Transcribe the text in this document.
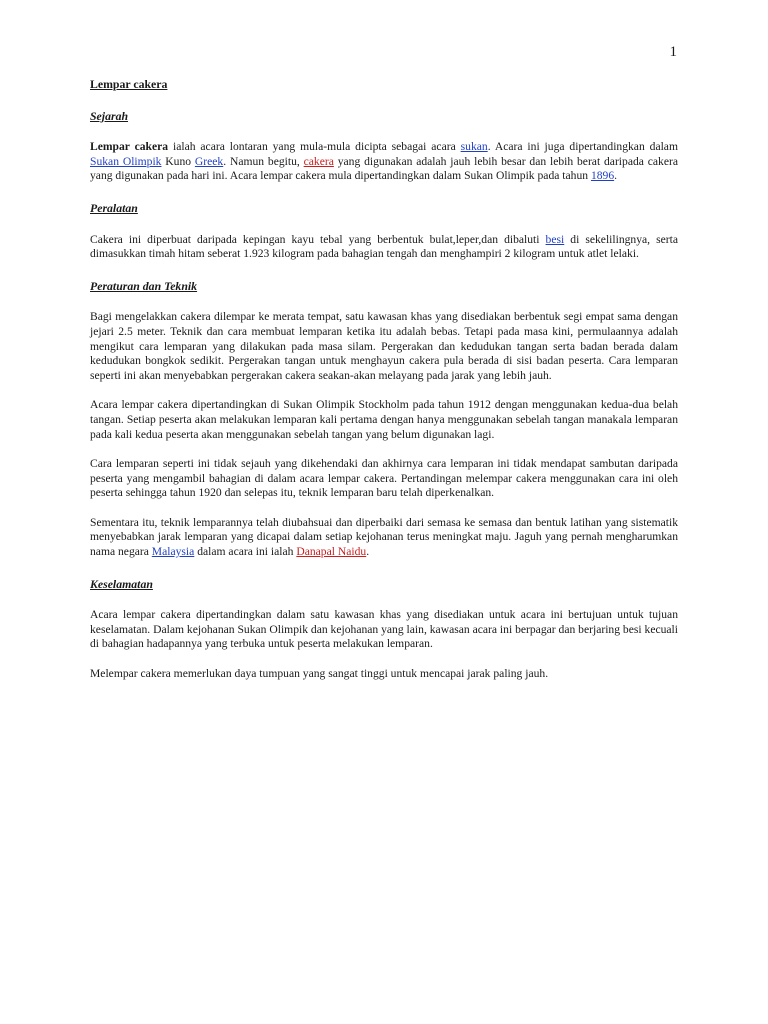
1
Lempar cakera
Sejarah

Lempar cakera ialah acara lontaran yang mula-mula dicipta sebagai acara sukan. Acara ini juga dipertandingkan dalam Sukan Olimpik Kuno Greek. Namun begitu, cakera yang digunakan adalah jauh lebih besar dan lebih berat daripada cakera yang digunakan pada hari ini. Acara lempar cakera mula dipertandingkan dalam Sukan Olimpik pada tahun 1896.

Peralatan

Cakera ini diperbuat daripada kepingan kayu tebal yang berbentuk bulat,leper,dan dibaluti besi di sekelilingnya, serta dimasukkan timah hitam seberat 1.923 kilogram pada bahagian tengah dan menghampiri 2 kilogram untuk atlet lelaki.

Peraturan dan Teknik

Bagi mengelakkan cakera dilempar ke merata tempat, satu kawasan khas yang disediakan berbentuk segi empat sama dengan jejari 2.5 meter. Teknik dan cara membuat lemparan ketika itu adalah bebas. Tetapi pada masa kini, permulaannya adalah mengikut cara lemparan yang dilakukan pada masa silam. Pergerakan dan kedudukan tangan serta badan berada dalam kedudukan bongkok sedikit. Pergerakan tangan untuk menghayun cakera pula berada di sisi badan peserta. Cara lemparan seperti ini akan menyebabkan pergerakan cakera seakan-akan melayang pada jarak yang lebih jauh.

Acara lempar cakera dipertandingkan di Sukan Olimpik Stockholm pada tahun 1912 dengan menggunakan kedua-dua belah tangan. Setiap peserta akan melakukan lemparan kali pertama dengan hanya menggunakan sebelah tangan manakala lemparan pada kali kedua peserta akan menggunakan sebelah tangan yang belum digunakan lagi.

Cara lemparan seperti ini tidak sejauh yang dikehendaki dan akhirnya cara lemparan ini tidak mendapat sambutan daripada peserta yang mengambil bahagian di dalam acara lempar cakera. Pertandingan melempar cakera menggunakan cara ini oleh peserta sehingga tahun 1920 dan selepas itu, teknik lemparan baru telah diperkenalkan.

Sementara itu, teknik lemparannya telah diubahsuai dan diperbaiki dari semasa ke semasa dan bentuk latihan yang sistematik menyebabkan jarak lemparan yang dicapai dalam setiap kejohanan terus meningkat maju. Jaguh yang pernah mengharumkan nama negara Malaysia dalam acara ini ialah Danapal Naidu.

Keselamatan

Acara lempar cakera dipertandingkan dalam satu kawasan khas yang disediakan untuk acara ini bertujuan untuk tujuan keselamatan. Dalam kejohanan Sukan Olimpik dan kejohanan yang lain, kawasan acara ini berpagar dan berjaring besi kecuali di bahagian hadapannya yang terbuka untuk peserta melakukan lemparan.

Melempar cakera memerlukan daya tumpuan yang sangat tinggi untuk mencapai jarak paling jauh.
